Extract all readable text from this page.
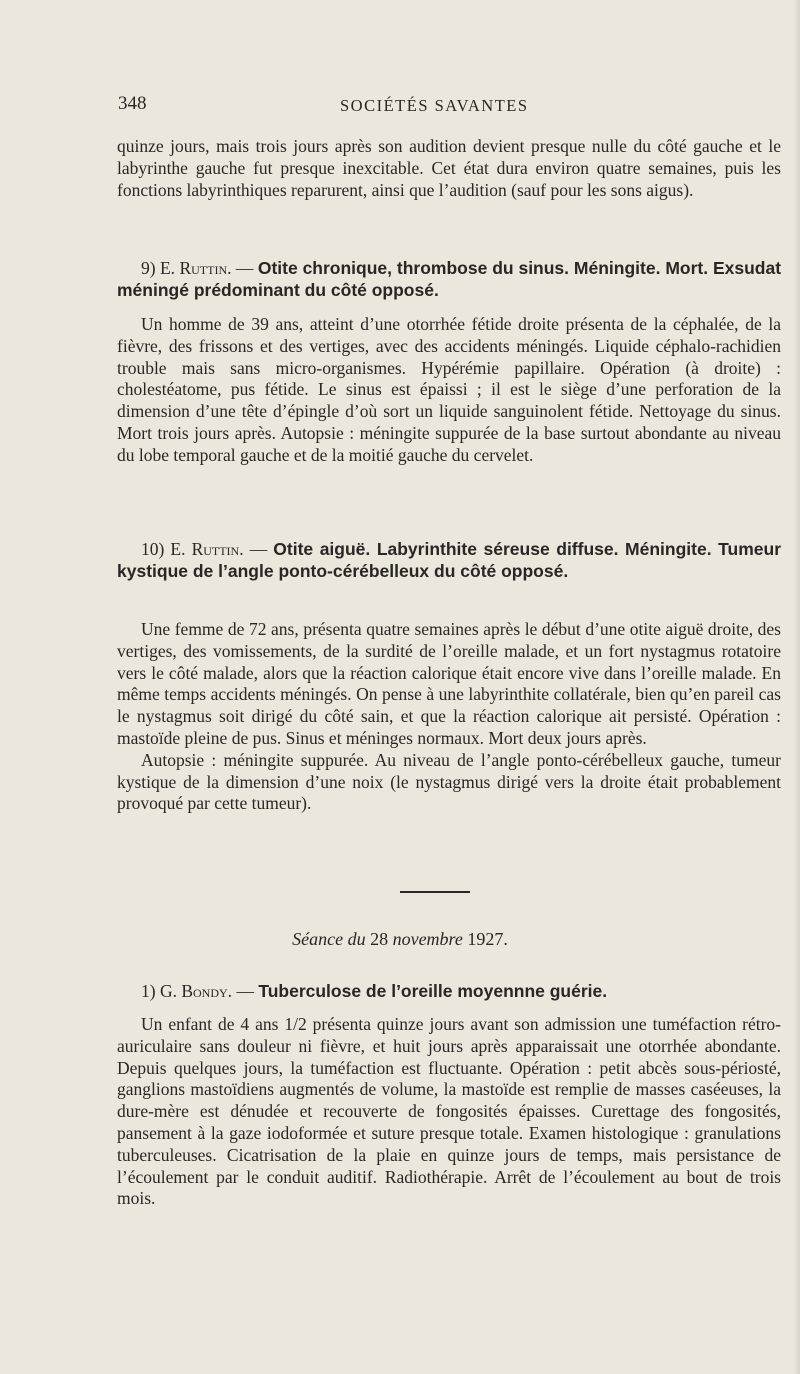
348	SOCIÉTÉS SAVANTES

quinze jours, mais trois jours après son audition devient presque nulle du côté gauche et le labyrinthe gauche fut presque inexcitable. Cet état dura environ quatre semaines, puis les fonctions labyrinthiques reparurent, ainsi que l’audition (sauf pour les sons aigus).

9) E. Ruttin. — Otite chronique, thrombose du sinus. Méningite. Mort. Exsudat méningé prédominant du côté opposé.

Un homme de 39 ans, atteint d’une otorrhée fétide droite présenta de la céphalée, de la fièvre, des frissons et des vertiges, avec des accidents méningés. Liquide céphalo-rachidien trouble mais sans micro-organismes. Hypérémie papillaire. Opération (à droite) : cholestéatome, pus fétide. Le sinus est épaissi ; il est le siège d’une perforation de la dimension d’une tête d’épingle d’où sort un liquide sanguinolent fétide. Nettoyage du sinus. Mort trois jours après. Autopsie : méningite suppurée de la base surtout abondante au niveau du lobe temporal gauche et de la moitié gauche du cervelet.

10) E. Ruttin. — Otite aiguë. Labyrinthite séreuse diffuse. Méningite. Tumeur kystique de l’angle ponto-cérébelleux du côté opposé.

Une femme de 72 ans, présenta quatre semaines après le début d’une otite aiguë droite, des vertiges, des vomissements, de la surdité de l’oreille malade, et un fort nystagmus rotatoire vers le côté malade, alors que la réaction calorique était encore vive dans l’oreille malade. En même temps accidents méningés. On pense à une labyrinthite collatérale, bien qu’en pareil cas le nystagmus soit dirigé du côté sain, et que la réaction calorique ait persisté. Opération : mastoïde pleine de pus. Sinus et méninges normaux. Mort deux jours après.

Autopsie : méningite suppurée. Au niveau de l’angle ponto-cérébelleux gauche, tumeur kystique de la dimension d’une noix (le nystagmus dirigé vers la droite était probablement provoqué par cette tumeur).

Séance du 28 novembre 1927.

1) G. Bondy. — Tuberculose de l’oreille moyennne guérie.

Un enfant de 4 ans 1/2 présenta quinze jours avant son admission une tuméfaction rétro-auriculaire sans douleur ni fièvre, et huit jours après apparaissait une otorrhée abondante. Depuis quelques jours, la tuméfaction est fluctuante. Opération : petit abcès sous-périosté, ganglions mastoïdiens augmentés de volume, la mastoïde est remplie de masses caséeuses, la dure-mère est dénudée et recouverte de fongosités épaisses. Curettage des fongosités, pansement à la gaze iodoformée et suture presque totale. Examen histologique : granulations tuberculeuses. Cicatrisation de la plaie en quinze jours de temps, mais persistance de l’écoulement par le conduit auditif. Radiothérapie. Arrêt de l’écoulement au bout de trois mois.
